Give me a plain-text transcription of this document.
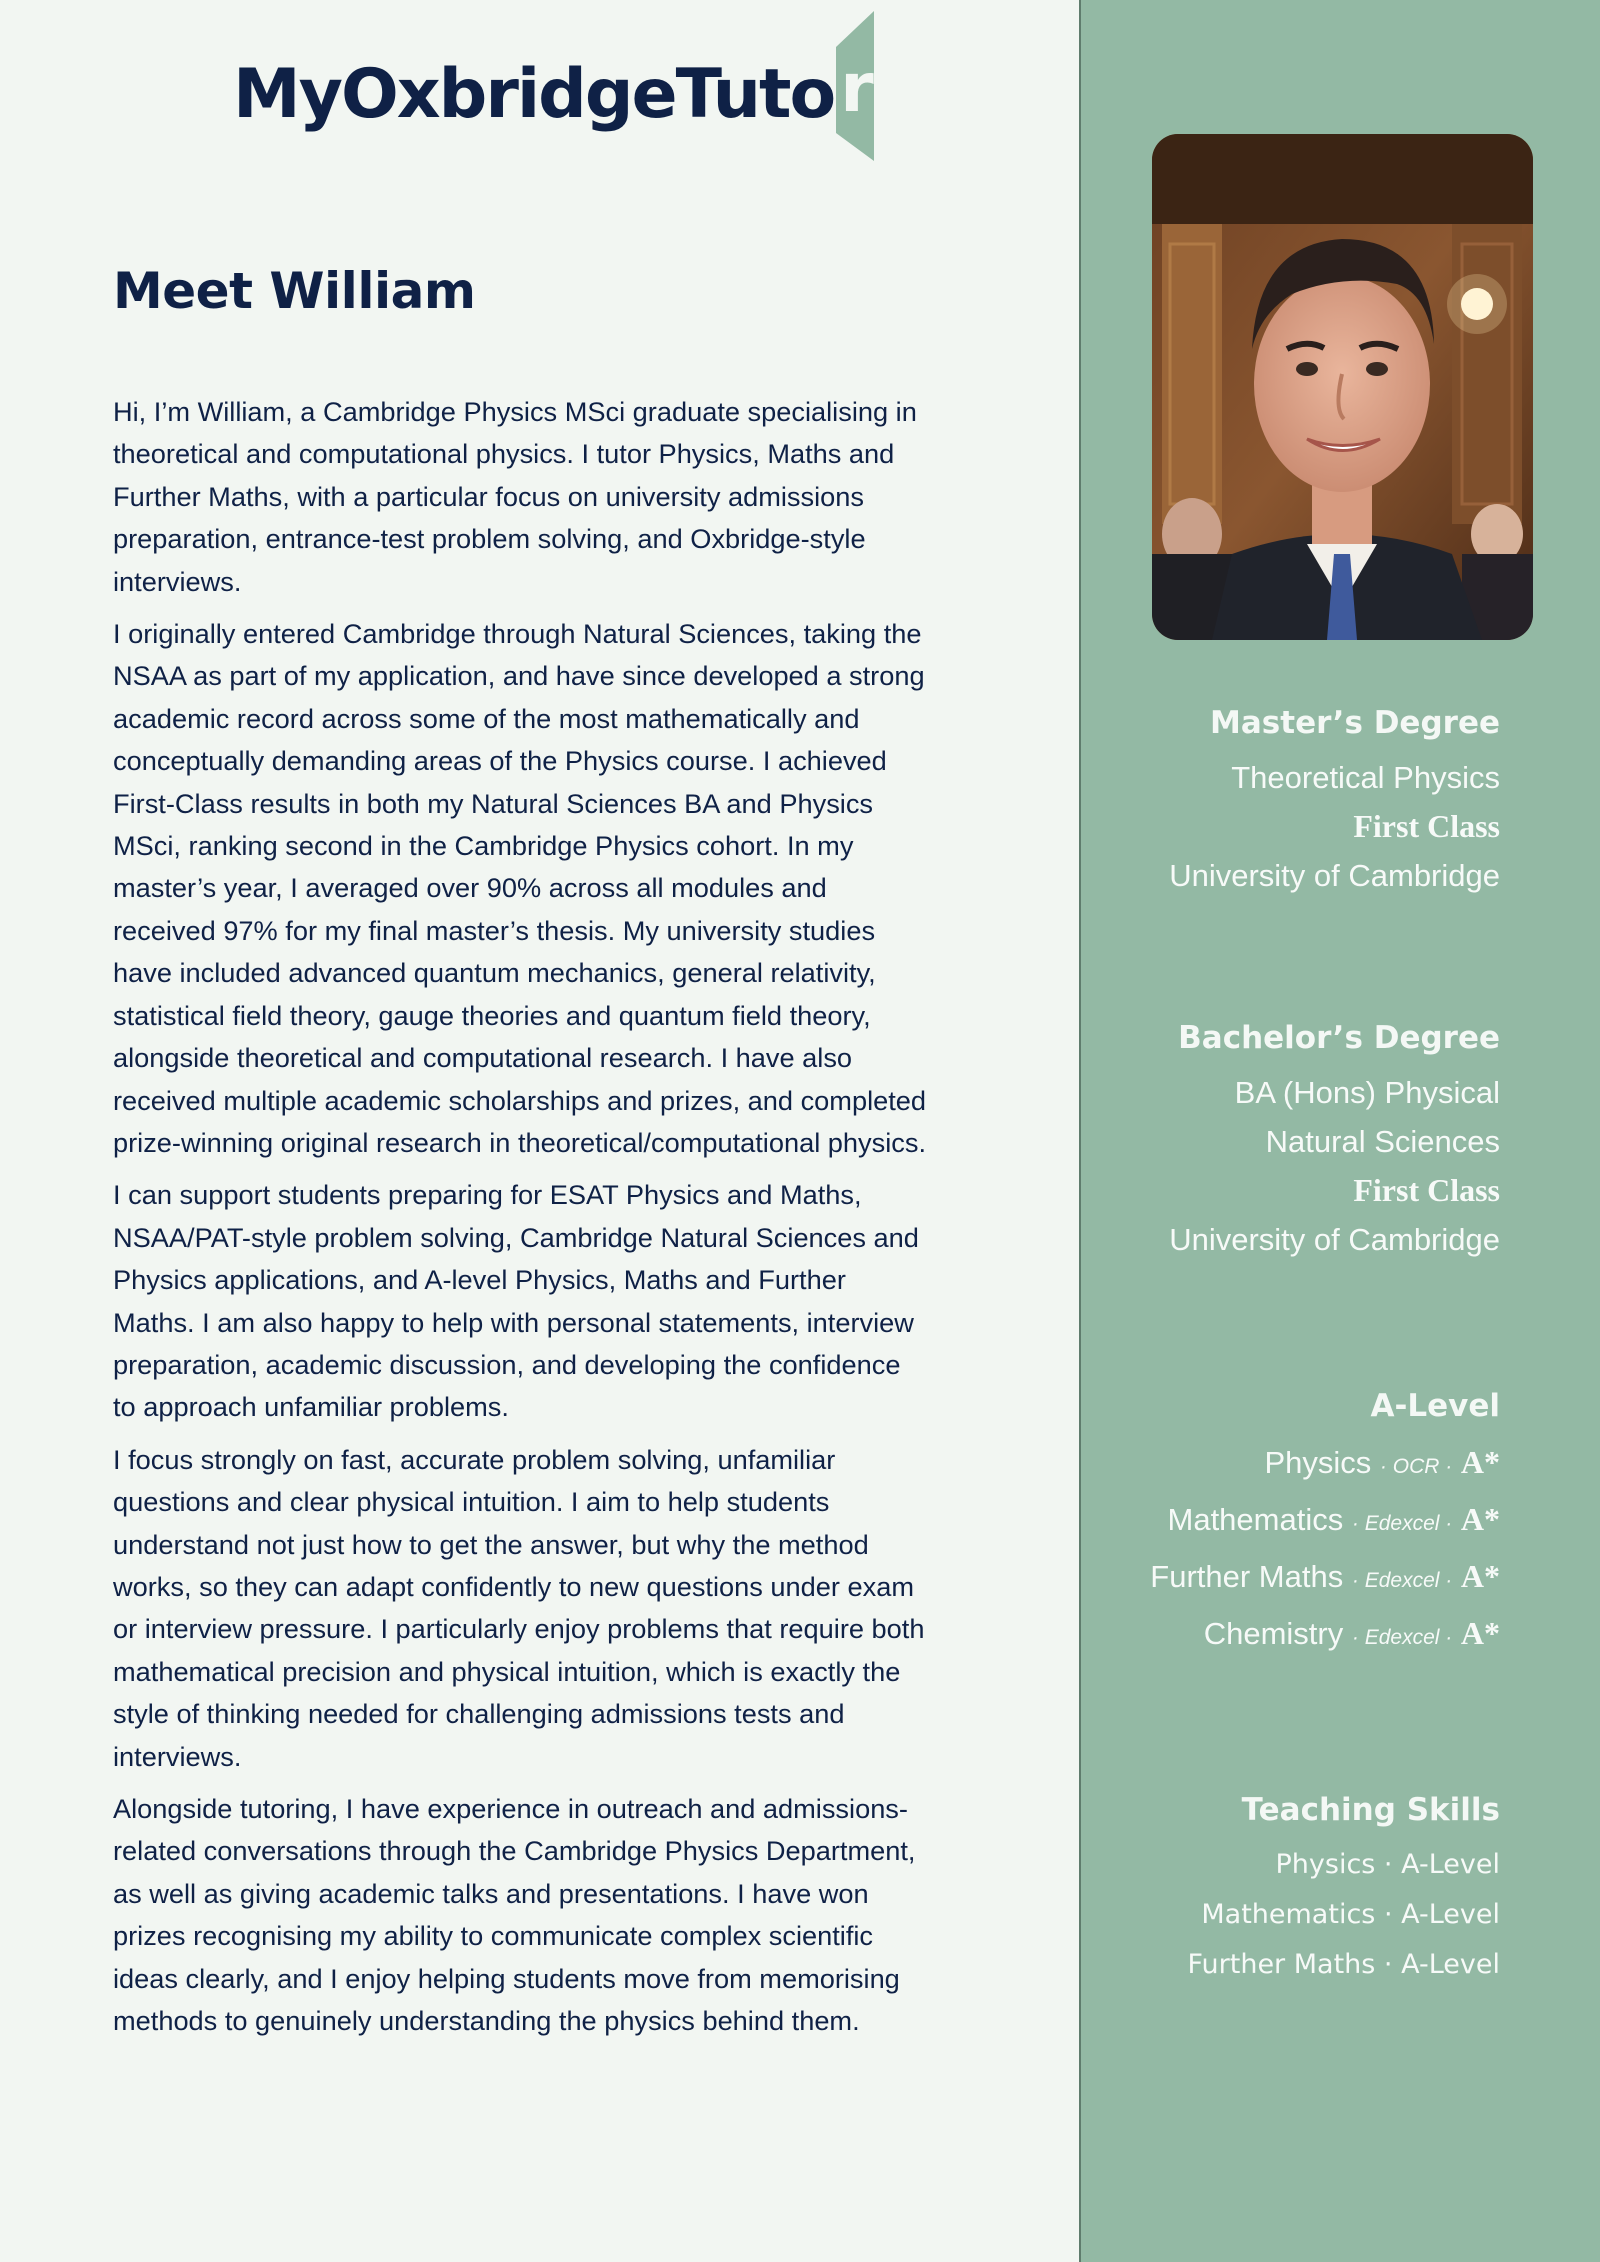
MyOxbridgeTuto r
Meet William

Hi, I’m William, a Cambridge Physics MSci graduate specialising in theoretical and computational physics. I tutor Physics, Maths and Further Maths, with a particular focus on university admissions preparation, entrance-test problem solving, and Oxbridge-style interviews.

I originally entered Cambridge through Natural Sciences, taking the NSAA as part of my application, and have since developed a strong academic record across some of the most mathematically and conceptually demanding areas of the Physics course. I achieved First-Class results in both my Natural Sciences BA and Physics MSci, ranking second in the Cambridge Physics cohort. In my master’s year, I averaged over 90% across all modules and received 97% for my final master’s thesis. My university studies have included advanced quantum mechanics, general relativity, statistical field theory, gauge theories and quantum field theory, alongside theoretical and computational research. I have also received multiple academic scholarships and prizes, and completed prize-winning original research in theoretical/computational physics.

I can support students preparing for ESAT Physics and Maths, NSAA/PAT-style problem solving, Cambridge Natural Sciences and Physics applications, and A-level Physics, Maths and Further Maths. I am also happy to help with personal statements, interview preparation, academic discussion, and developing the confidence to approach unfamiliar problems.

I focus strongly on fast, accurate problem solving, unfamiliar questions and clear physical intuition. I aim to help students understand not just how to get the answer, but why the method works, so they can adapt confidently to new questions under exam or interview pressure. I particularly enjoy problems that require both mathematical precision and physical intuition, which is exactly the style of thinking needed for challenging admissions tests and interviews.

Alongside tutoring, I have experience in outreach and admissions-related conversations through the Cambridge Physics Department, as well as giving academic talks and presentations. I have won prizes recognising my ability to communicate complex scientific ideas clearly, and I enjoy helping students move from memorising methods to genuinely understanding the physics behind them.

Master’s Degree
Theoretical Physics
First Class
University of Cambridge
Bachelor’s Degree
BA (Hons) Physical
Natural Sciences
First Class
University of Cambridge
A-Level
Physics · OCR · A*
Mathematics · Edexcel · A*
Further Maths · Edexcel · A*
Chemistry · Edexcel · A*
Teaching Skills
Physics · A-Level
Mathematics · A-Level
Further Maths · A-Level
